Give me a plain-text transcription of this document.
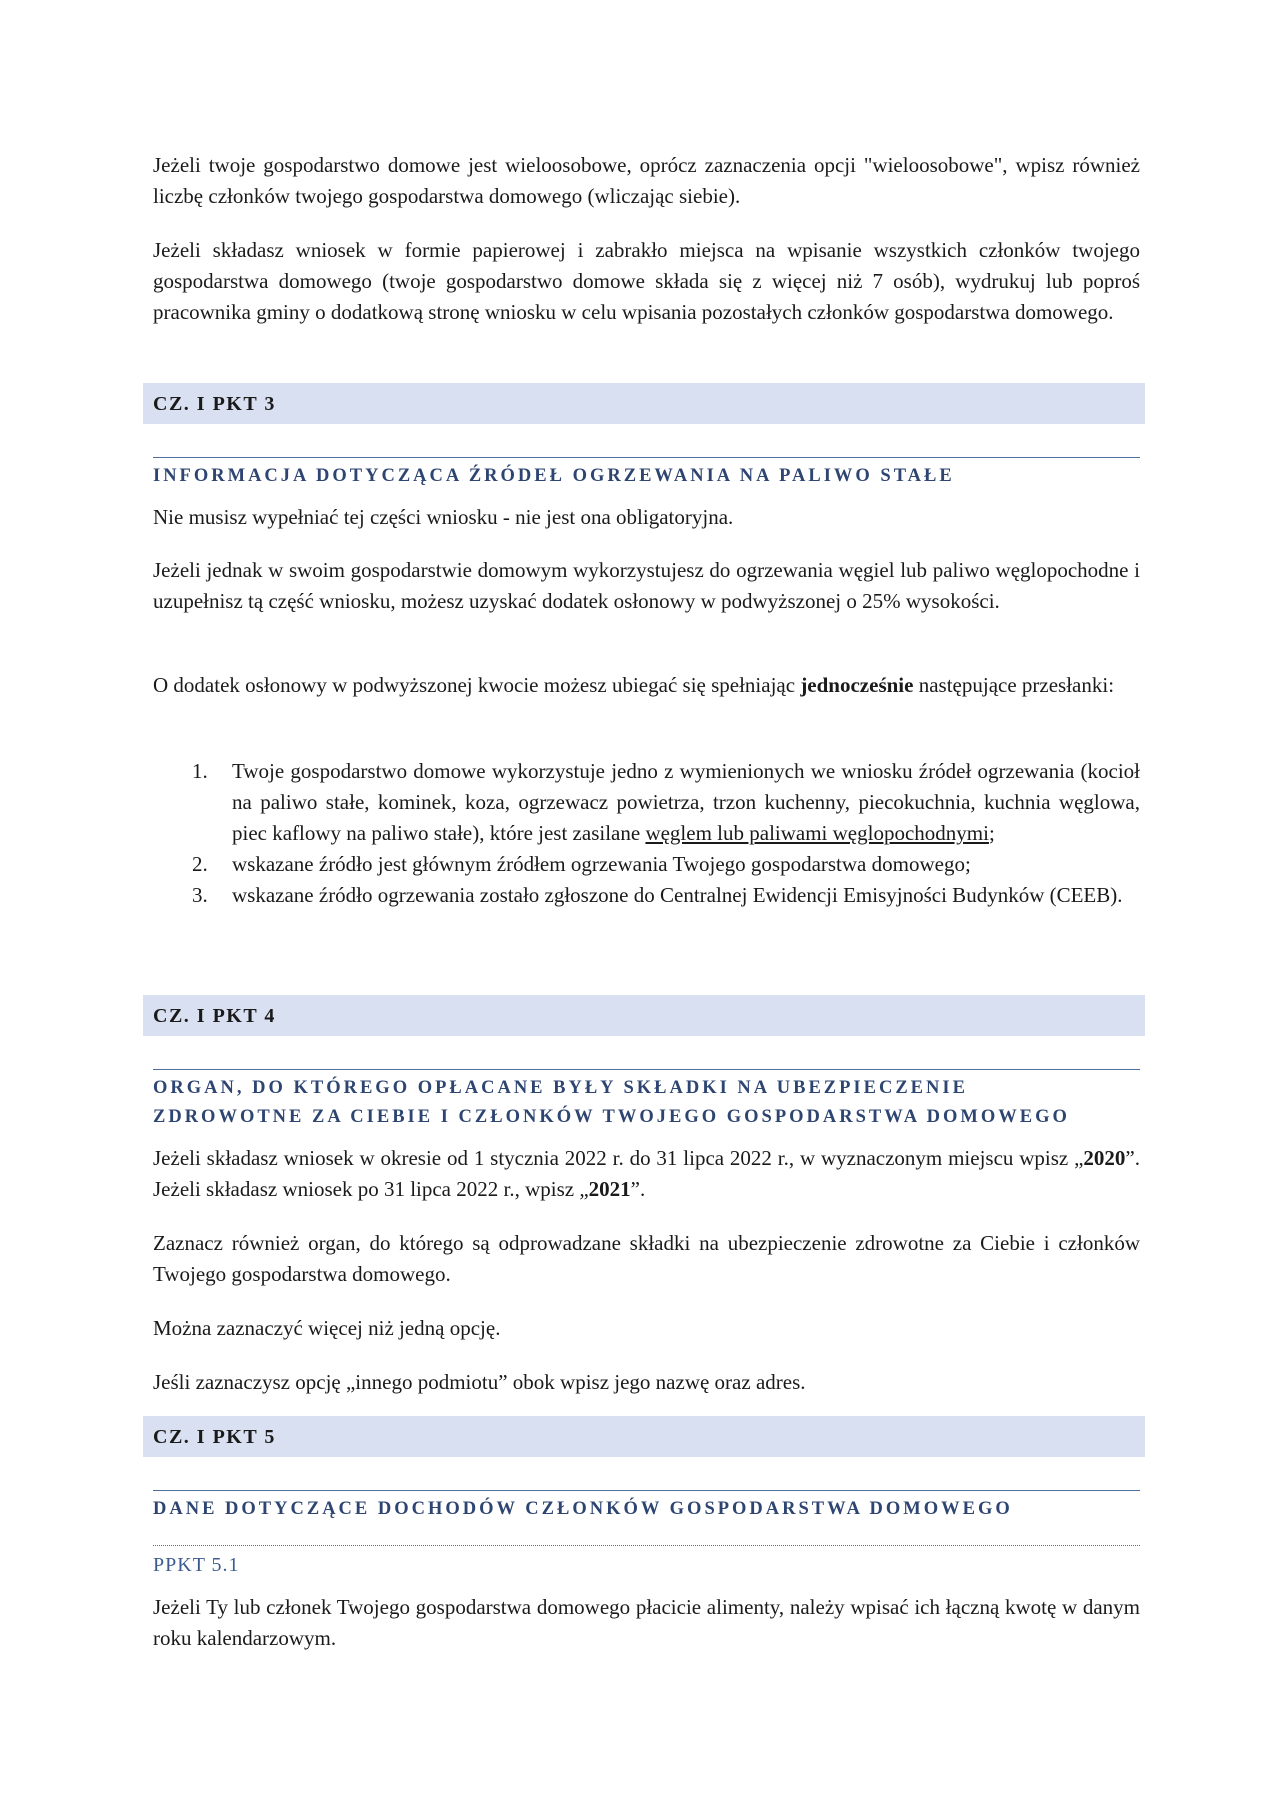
Jeżeli twoje gospodarstwo domowe jest wieloosobowe, oprócz zaznaczenia opcji "wieloosobowe", wpisz również liczbę członków twojego gospodarstwa domowego (wliczając siebie).

Jeżeli składasz wniosek w formie papierowej i zabrakło miejsca na wpisanie wszystkich członków twojego gospodarstwa domowego (twoje gospodarstwo domowe składa się z więcej niż 7 osób), wydrukuj lub poproś pracownika gminy o dodatkową stronę wniosku w celu wpisania pozostałych członków gospodarstwa domowego.

CZ. I PKT 3
INFORMACJA DOTYCZĄCA ŹRÓDEŁ OGRZEWANIA NA PALIWO STAŁE

Nie musisz wypełniać tej części wniosku - nie jest ona obligatoryjna.

Jeżeli jednak w swoim gospodarstwie domowym wykorzystujesz do ogrzewania węgiel lub paliwo węglopochodne i uzupełnisz tą część wniosku, możesz uzyskać dodatek osłonowy w podwyższonej o 25% wysokości.

O dodatek osłonowy w podwyższonej kwocie możesz ubiegać się spełniając jednocześnie następujące przesłanki:

1. Twoje gospodarstwo domowe wykorzystuje jedno z wymienionych we wniosku źródeł ogrzewania (kocioł na paliwo stałe, kominek, koza, ogrzewacz powietrza, trzon kuchenny, piecokuchnia, kuchnia węglowa, piec kaflowy na paliwo stałe), które jest zasilane węglem lub paliwami węglopochodnymi;
2. wskazane źródło jest głównym źródłem ogrzewania Twojego gospodarstwa domowego;
3. wskazane źródło ogrzewania zostało zgłoszone do Centralnej Ewidencji Emisyjności Budynków (CEEB).
CZ. I PKT 4
ORGAN, DO KTÓREGO OPŁACANE BYŁY SKŁADKI NA UBEZPIECZENIE
ZDROWOTNE ZA CIEBIE I CZŁONKÓW TWOJEGO GOSPODARSTWA DOMOWEGO

Jeżeli składasz wniosek w okresie od 1 stycznia 2022 r. do 31 lipca 2022 r., w wyznaczonym miejscu wpisz „2020”. Jeżeli składasz wniosek po 31 lipca 2022 r., wpisz „2021”.

Zaznacz również organ, do którego są odprowadzane składki na ubezpieczenie zdrowotne za Ciebie i członków Twojego gospodarstwa domowego.

Można zaznaczyć więcej niż jedną opcję.

Jeśli zaznaczysz opcję „innego podmiotu” obok wpisz jego nazwę oraz adres.

CZ. I PKT 5
DANE DOTYCZĄCE DOCHODÓW CZŁONKÓW GOSPODARSTWA DOMOWEGO
PPKT 5.1

Jeżeli Ty lub członek Twojego gospodarstwa domowego płacicie alimenty, należy wpisać ich łączną kwotę w danym roku kalendarzowym.
